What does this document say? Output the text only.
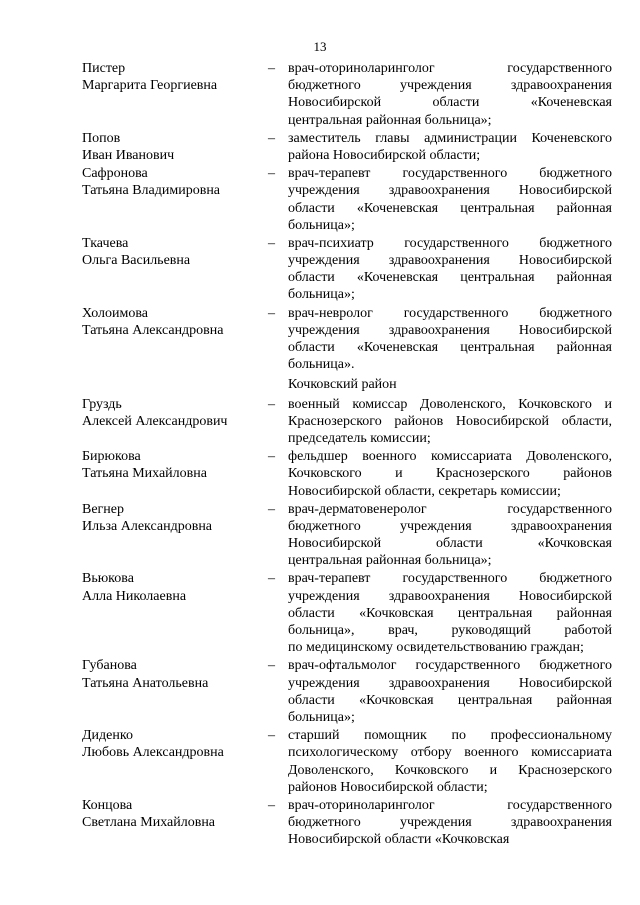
13
Пистер
Маргарита Георгиевна
– врач-оториноларинголог государственного
бюджетного учреждения здравоохранения
Новосибирской области «Коченевская
центральная районная больница»;
Попов
Иван Иванович
– заместитель главы администрации Коченевского
района Новосибирской области;
Сафронова
Татьяна Владимировна
– врач-терапевт государственного бюджетного
учреждения здравоохранения Новосибирской
области «Коченевская центральная районная
больница»;
Ткачева
Ольга Васильевна
– врач-психиатр государственного бюджетного
учреждения здравоохранения Новосибирской
области «Коченевская центральная районная
больница»;
Холоимова
Татьяна Александровна
– врач-невролог государственного бюджетного
учреждения здравоохранения Новосибирской
области «Коченевская центральная районная
больница».
Кочковский район
Груздь
Алексей Александрович
– военный комиссар Доволенского, Кочковского и
Краснозерского районов Новосибирской области,
председатель комиссии;
Бирюкова
Татьяна Михайловна
– фельдшер военного комиссариата Доволенского,
Кочковского и Краснозерского районов
Новосибирской области, секретарь комиссии;
Вегнер
Ильза Александровна
– врач-дерматовенеролог государственного
бюджетного учреждения здравоохранения
Новосибирской области «Кочковская
центральная районная больница»;
Вьюкова
Алла Николаевна
– врач-терапевт государственного бюджетного
учреждения здравоохранения Новосибирской
области «Кочковская центральная районная
больница», врач, руководящий работой
по медицинскому освидетельствованию граждан;
Губанова
Татьяна Анатольевна
– врач-офтальмолог государственного бюджетного
учреждения здравоохранения Новосибирской
области «Кочковская центральная районная
больница»;
Диденко
Любовь Александровна
– старший помощник по профессиональному
психологическому отбору военного комиссариата
Доволенского, Кочковского и Краснозерского
районов Новосибирской области;
Концова
Светлана Михайловна
– врач-оториноларинголог государственного
бюджетного учреждения здравоохранения
Новосибирской области «Кочковская
